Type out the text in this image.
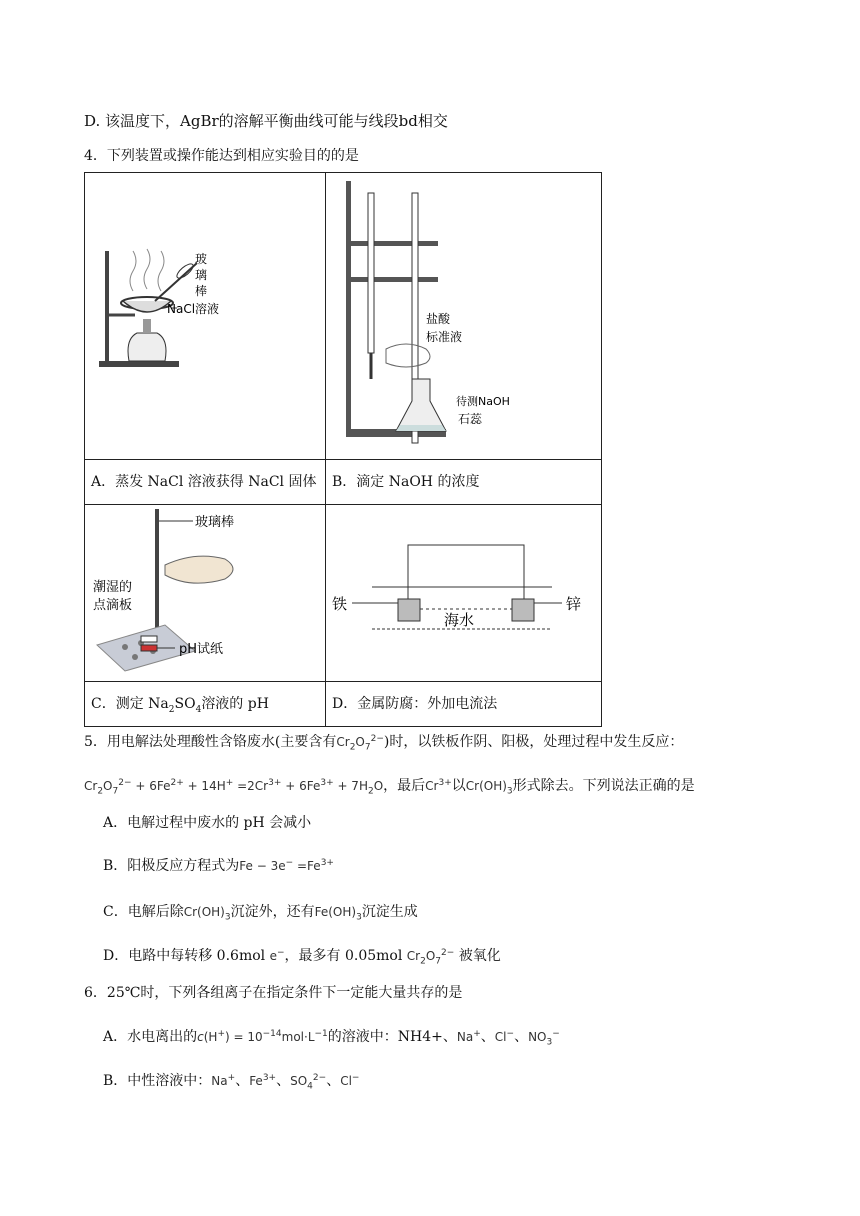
D. 该温度下，AgBr的溶解平衡曲线可能与线段bd相交
4．下列装置或操作能达到相应实验目的的是
玻
璃
棒
NaCl溶液	盐酸
标准液
待测NaOH
石蕊

A．蒸发 NaCl 溶液获得 NaCl 固体	B．滴定 NaOH 的浓度

玻璃棒
潮湿的
点滴板
pH试纸	铁 锌
海水

C．测定 $Na_2SO_4$溶液的 pH	D．金属防腐：外加电流法
5．用电解法处理酸性含铬废水(主要含有$Cr_2O_7^{2-}$)时，以铁板作阴、阳极，处理过程中发生反应：
$Cr_2O_7^{2-} + 6Fe^{2+} + 14H^+ =2Cr^{3+} + 6Fe^{3+} + 7H_2O$，最后$Cr^{3+}$以$Cr(OH)_3$形式除去。下列说法正确的是
A．电解过程中废水的 pH 会减小
B．阳极反应方程式为$Fe - 3e^- =Fe^{3+}$
C．电解后除$Cr(OH)_3$沉淀外，还有$Fe(OH)_3$沉淀生成
D．电路中每转移 0.6mol e−，最多有 0.05mol $Cr_2O_7^{2-}$ 被氧化
6．25℃时，下列各组离子在指定条件下一定能大量共存的是
A．水电离出的$c(H^+) = 10^{-14}mol\cdot L^{-1}$的溶液中：NH4+、Na+、Cl−、$NO_3^-$
B．中性溶液中：Na+、$Fe^{3+}$、$SO_4^{2-}$、Cl−
